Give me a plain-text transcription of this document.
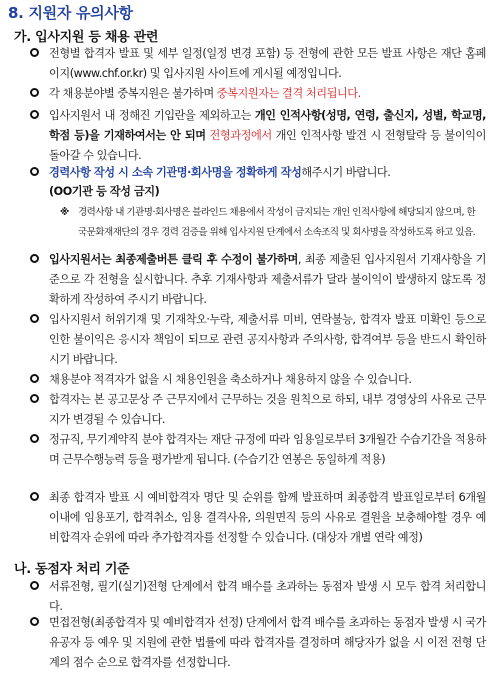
8. 지원자 유의사항
가. 입사지원 등 채용 관련
전형별 합격자 발표 및 세부 일정(일정 변경 포함) 등 전형에 관한 모든 발표 사항은 재단 홈페이지(www.chf.or.kr) 및 입사지원 사이트에 게시될 예정입니다.
각 채용분야별 중복지원은 불가하며 중복지원자는 결격 처리됩니다.
입사지원서 내 정해진 기입란을 제외하고는 개인 인적사항(성명, 연령, 출신지, 성별, 학교명, 학점 등)을 기재하여서는 안 되며 전형과정에서 개인 인적사항 발견 시 전형탈락 등 불이익이 돌아갈 수 있습니다.
경력사항 작성 시 소속 기관명·회사명을 정확하게 작성해주시기 바랍니다.
(OO기관 등 작성 금지)
※ 경력사항 내 기관명·회사명은 블라인드 채용에서 작성이 금지되는 개인 인적사항에 해당되지 않으며, 한국문화재재단의 경우 경력 검증을 위해 입사지원 단계에서 소속조직 및 회사명을 작성하도록 하고 있음.
입사지원서는 최종제출버튼 클릭 후 수정이 불가하며, 최종 제출된 입사지원서 기재사항을 기준으로 각 전형을 실시합니다. 추후 기재사항과 제출서류가 달라 불이익이 발생하지 않도록 정확하게 작성하여 주시기 바랍니다.
입사지원서 허위기재 및 기재착오·누락, 제출서류 미비, 연락불능, 합격자 발표 미확인 등으로 인한 불이익은 응시자 책임이 되므로 관련 공지사항과 주의사항, 합격여부 등을 반드시 확인하시기 바랍니다.
채용분야 적격자가 없을 시 채용인원을 축소하거나 채용하지 않을 수 있습니다.
합격자는 본 공고문상 주 근무지에서 근무하는 것을 원칙으로 하되, 내부 경영상의 사유로 근무지가 변경될 수 있습니다.
정규직, 무기계약직 분야 합격자는 재단 규정에 따라 임용일로부터 3개월간 수습기간을 적용하며 근무수행능력 등을 평가받게 됩니다. (수습기간 연봉은 동일하게 적용)
최종 합격자 발표 시 예비합격자 명단 및 순위를 함께 발표하며 최종합격 발표일로부터 6개월 이내에 임용포기, 합격취소, 임용 결격사유, 의원면직 등의 사유로 결원을 보충해야할 경우 예비합격자 순위에 따라 추가합격자를 선정할 수 있습니다. (대상자 개별 연락 예정)
나. 동점자 처리 기준
서류전형, 필기(실기)전형 단계에서 합격 배수를 초과하는 동점자 발생 시 모두 합격 처리합니다.
면접전형(최종합격자 및 예비합격자 선정) 단계에서 합격 배수를 초과하는 동점자 발생 시 국가유공자 등 예우 및 지원에 관한 법률에 따라 합격자를 결정하며 해당자가 없을 시 이전 전형 단계의 점수 순으로 합격자를 선정합니다.
